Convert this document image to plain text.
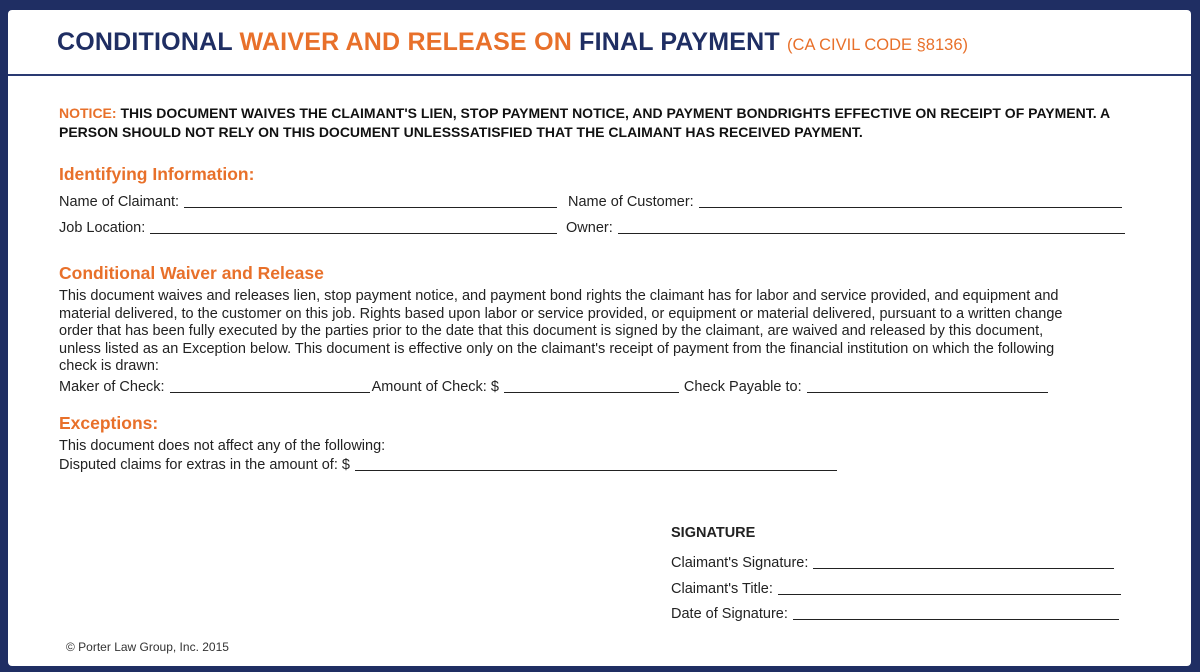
CONDITIONAL WAIVER AND RELEASE ON FINAL PAYMENT (CA CIVIL CODE §8136)
NOTICE: THIS DOCUMENT WAIVES THE CLAIMANT'S LIEN, STOP PAYMENT NOTICE, AND PAYMENT BONDRIGHTS EFFECTIVE ON RECEIPT OF PAYMENT. A PERSON SHOULD NOT RELY ON THIS DOCUMENT UNLESSSATISFIED THAT THE CLAIMANT HAS RECEIVED PAYMENT.
Identifying Information:
Name of Claimant:	Name of Customer:
Job Location:	Owner:
Conditional Waiver and Release
This document waives and releases lien, stop payment notice, and payment bond rights the claimant has for labor and service provided, and equipment and material delivered, to the customer on this job. Rights based upon labor or service provided, or equipment or material delivered, pursuant to a written change order that has been fully executed by the parties prior to the date that this document is signed by the claimant, are waived and released by this document, unless listed as an Exception below. This document is effective only on the claimant's receipt of payment from the financial institution on which the following check is drawn:
Maker of Check:	Amount of Check: $	Check Payable to:
Exceptions:
This document does not affect any of the following:
Disputed claims for extras in the amount of: $
SIGNATURE
Claimant's Signature:
Claimant's Title:
Date of Signature:
© Porter Law Group, Inc. 2015
